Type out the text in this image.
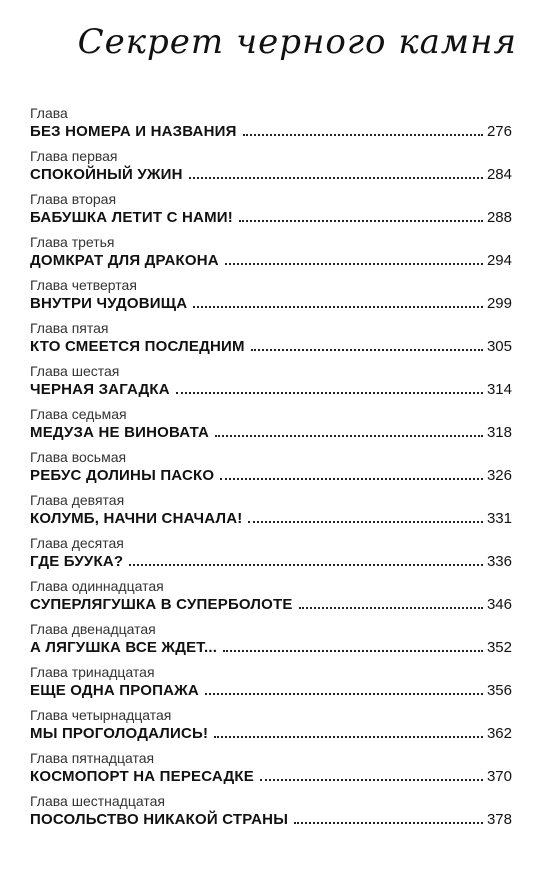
Секрет черного камня
Глава
БЕЗ НОМЕРА И НАЗВАНИЯ	276
Глава первая
СПОКОЙНЫЙ УЖИН	284
Глава вторая
БАБУШКА ЛЕТИТ С НАМИ!	288
Глава третья
ДОМКРАТ ДЛЯ ДРАКОНА	294
Глава четвертая
ВНУТРИ ЧУДОВИЩА	299
Глава пятая
КТО СМЕЕТСЯ ПОСЛЕДНИМ	305
Глава шестая
ЧЕРНАЯ ЗАГАДКА	314
Глава седьмая
МЕДУЗА НЕ ВИНОВАТА	318
Глава восьмая
РЕБУС ДОЛИНЫ ПАСКО	326
Глава девятая
КОЛУМБ, НАЧНИ СНАЧАЛА!	331
Глава десятая
ГДЕ БУУКА?	336
Глава одиннадцатая
СУПЕРЛЯГУШКА В СУПЕРБОЛОТЕ	346
Глава двенадцатая
А ЛЯГУШКА ВСЕ ЖДЕТ...	352
Глава тринадцатая
ЕЩЕ ОДНА ПРОПАЖА	356
Глава четырнадцатая
МЫ ПРОГОЛОДАЛИСЬ!	362
Глава пятнадцатая
КОСМОПОРТ НА ПЕРЕСАДКЕ	370
Глава шестнадцатая
ПОСОЛЬСТВО НИКАКОЙ СТРАНЫ	378
